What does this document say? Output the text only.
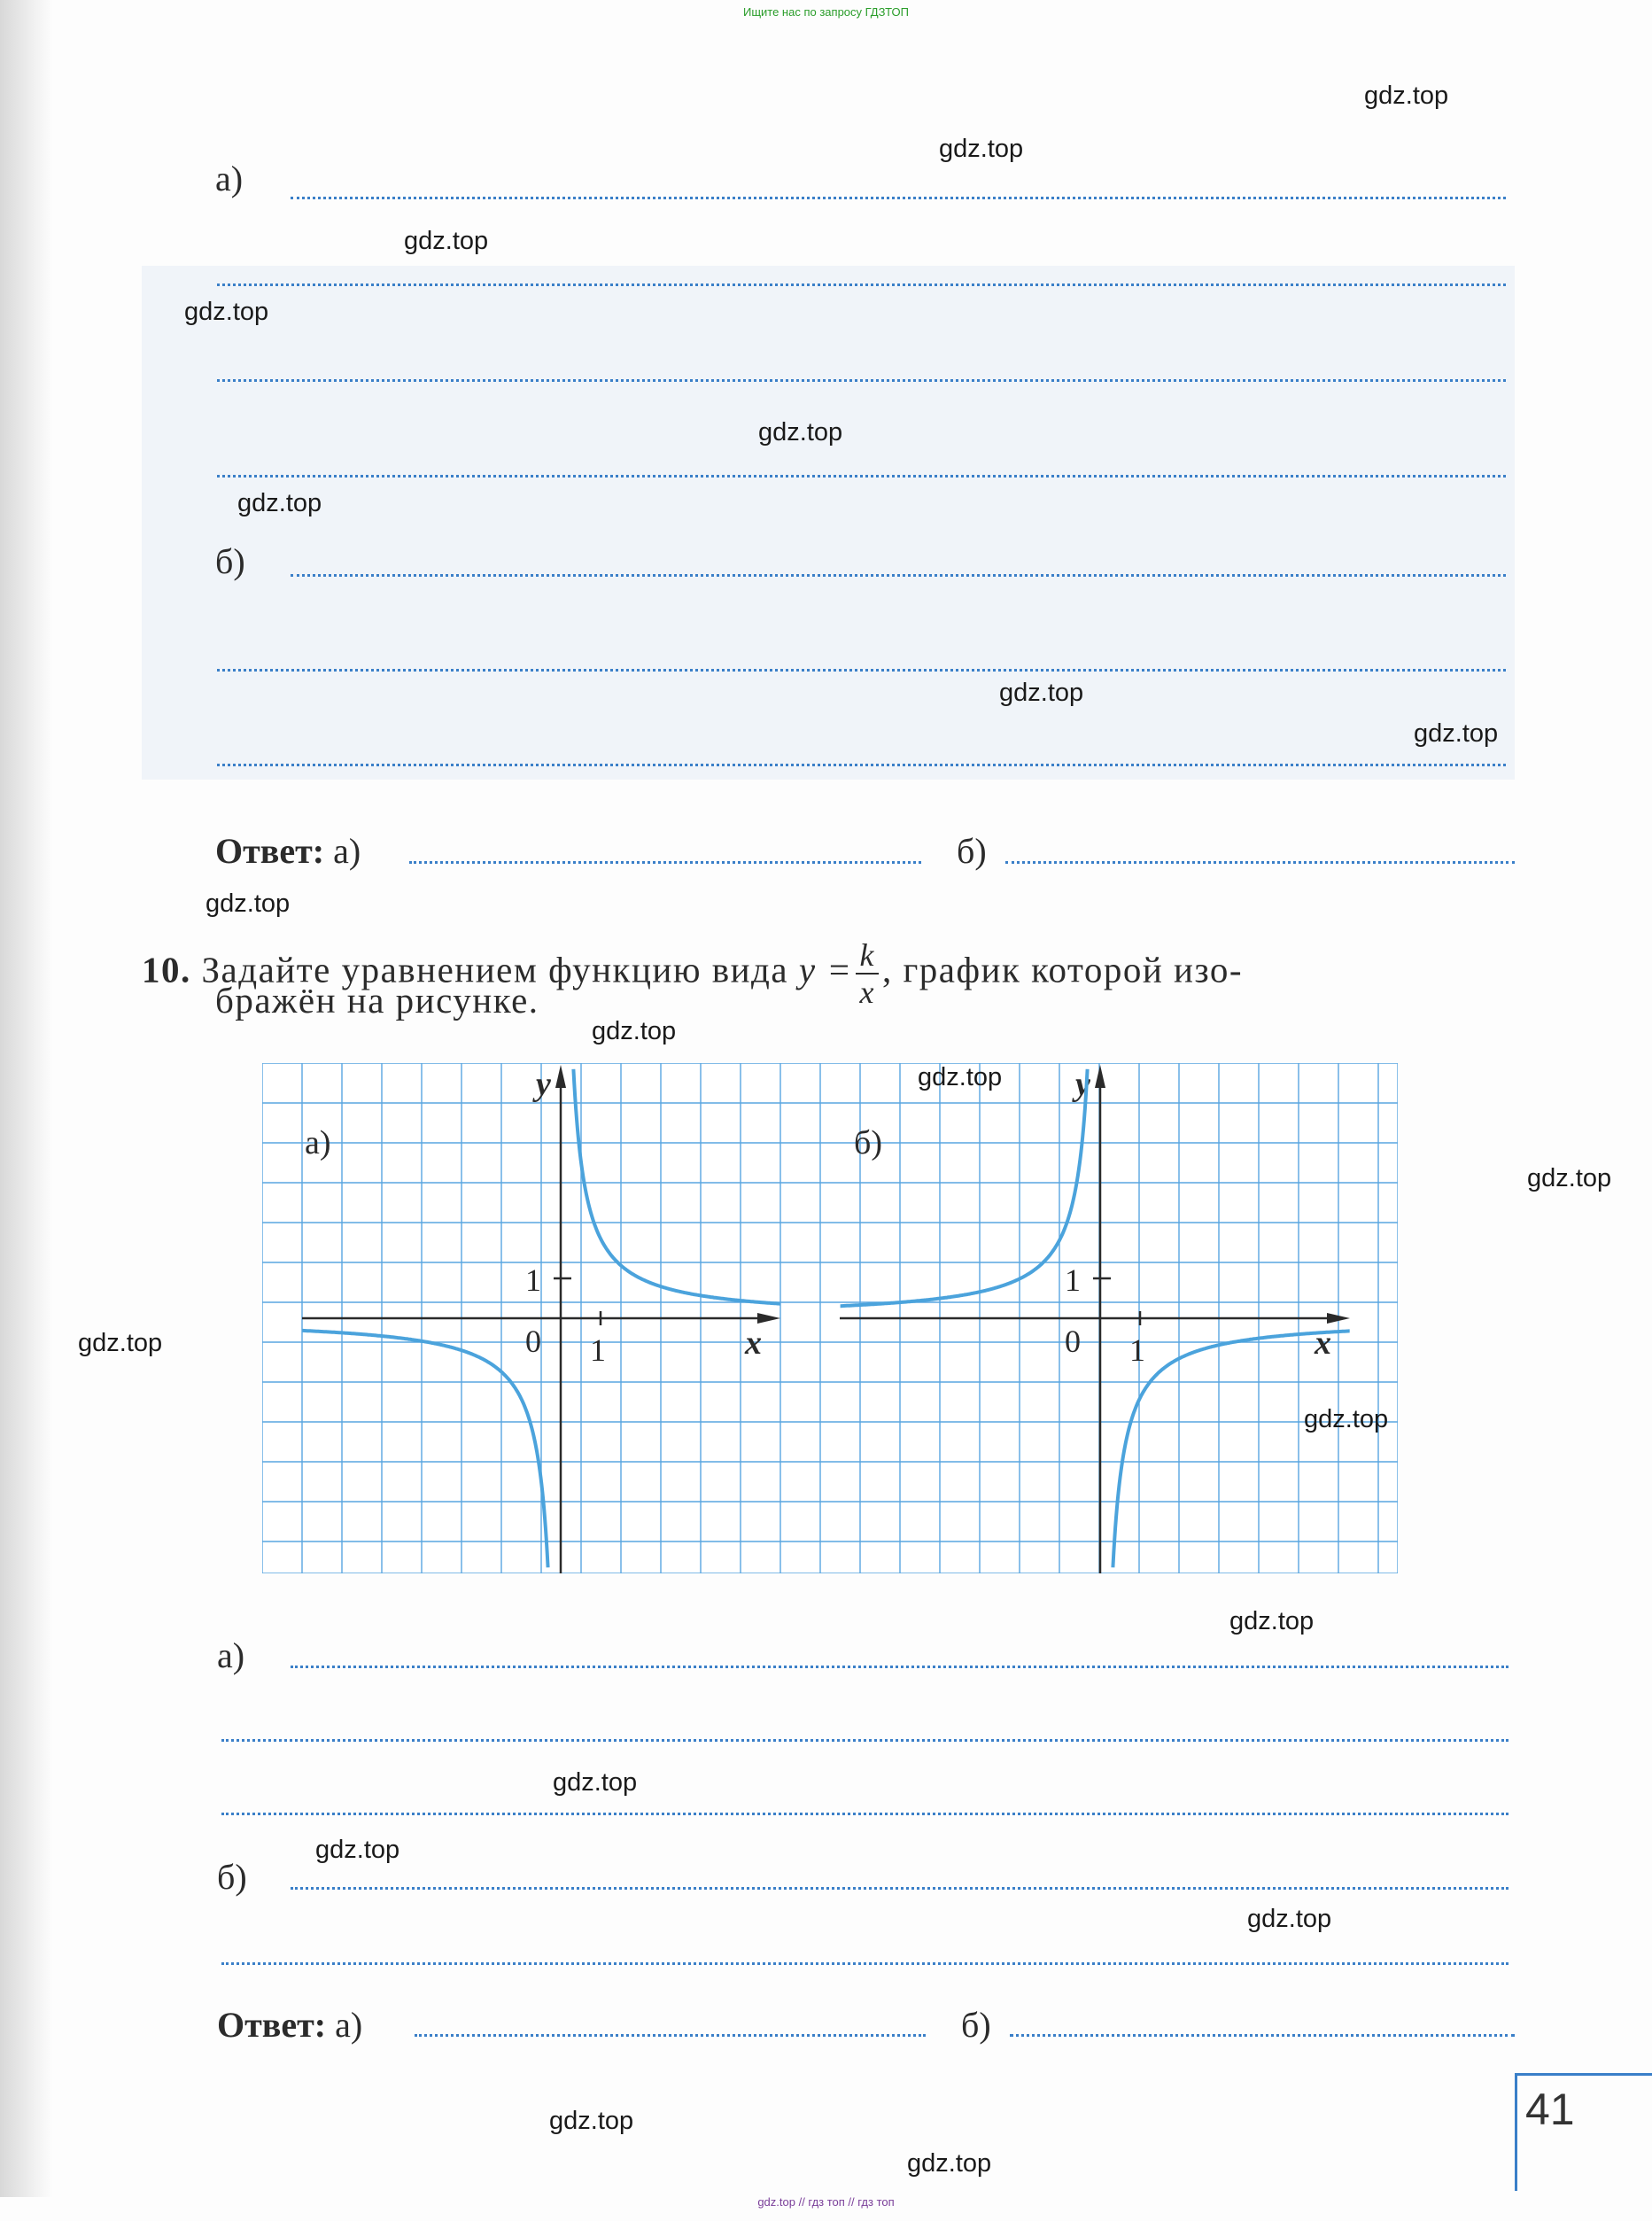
Ищите нас по запросу ГДЗТОП
а)
б)
Ответ: а)	б)
10. Задайте уравнением функцию вида $y = \frac{k}{x}$ , график которой изо-
бражён на рисунке.
0 1
1
y
x	0 1
1
y
x
а)	б)
а)
б)
Ответ: а)	б)
41
gdz.top
gdz.top
gdz.top
gdz.top
gdz.top
gdz.top
gdz.top
gdz.top
gdz.top
gdz.top
gdz.top
gdz.top
gdz.top
gdz.top
gdz.top
gdz.top
gdz.top
gdz.top
gdz.top
gdz.top
gdz.top // гдз топ // гдз топ
